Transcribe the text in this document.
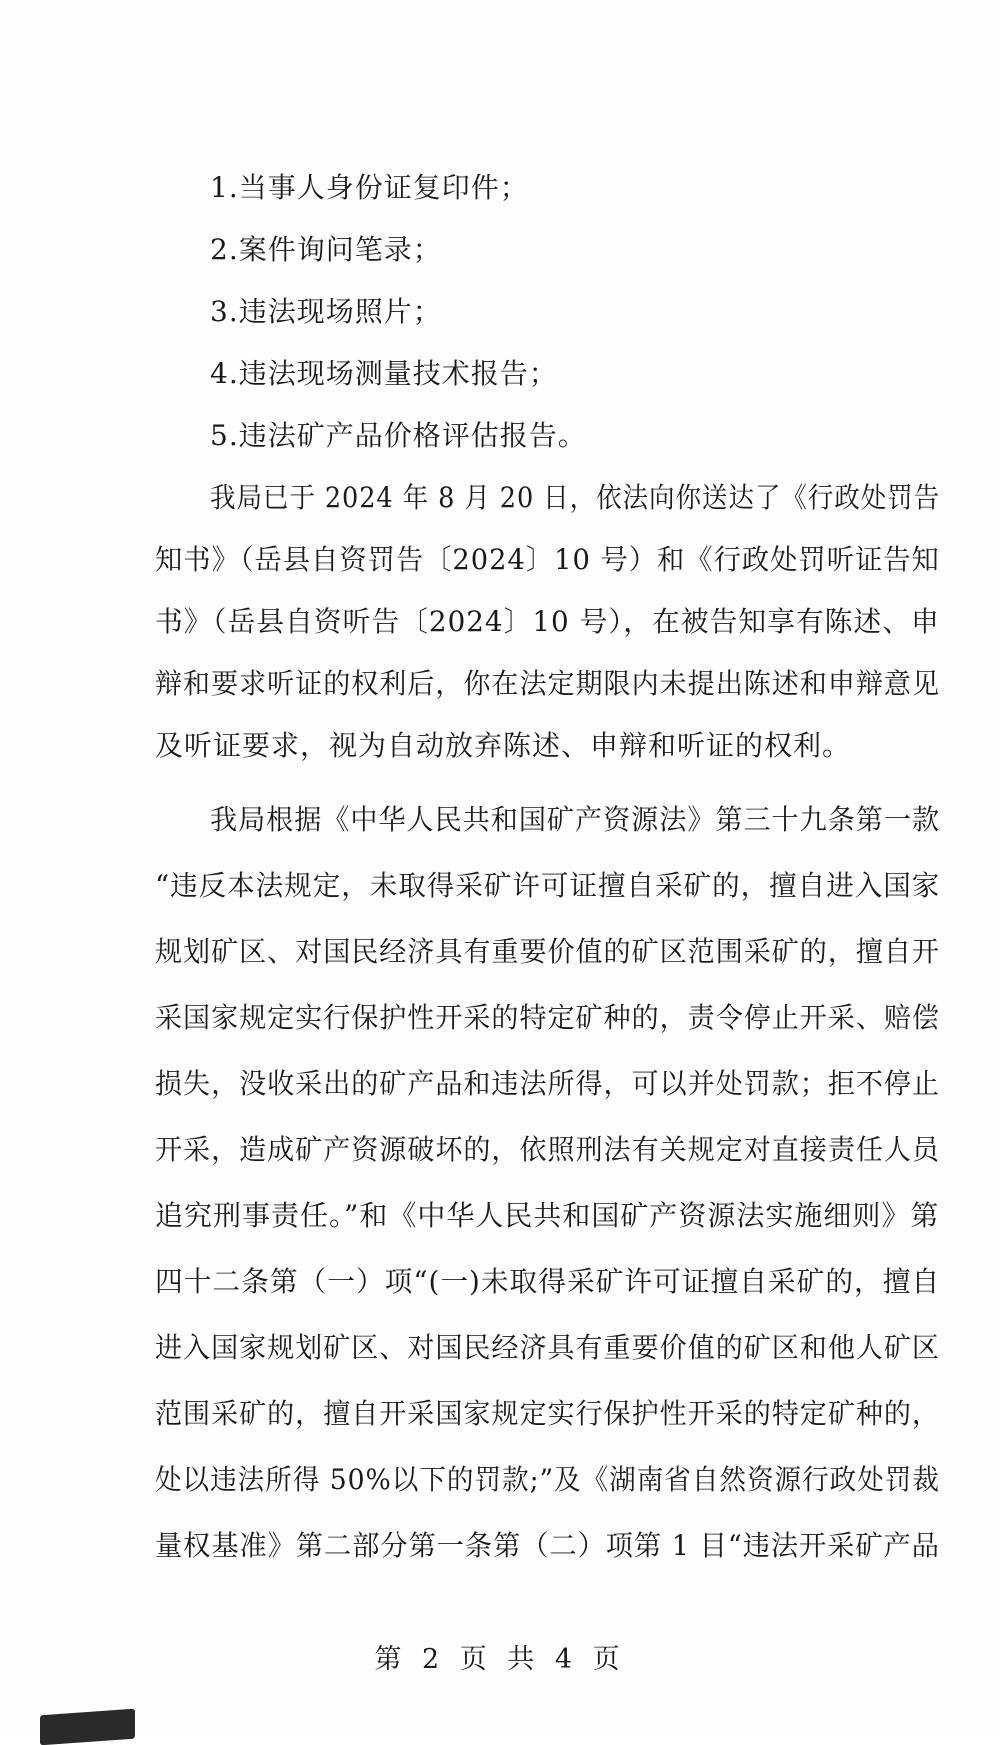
1.当事人身份证复印件；
2.案件询问笔录；
3.违法现场照片；
4.违法现场测量技术报告；
5.违法矿产品价格评估报告。
我局已于 2024 年 8 月 20 日，依法向你送达了《行政处罚告
知书》（岳县自资罚告〔2024〕10 号）和《行政处罚听证告知
书》（岳县自资听告〔2024〕10 号），在被告知享有陈述、申
辩和要求听证的权利后，你在法定期限内未提出陈述和申辩意见
及听证要求，视为自动放弃陈述、申辩和听证的权利。
我局根据《中华人民共和国矿产资源法》第三十九条第一款
“违反本法规定，未取得采矿许可证擅自采矿的，擅自进入国家
规划矿区、对国民经济具有重要价值的矿区范围采矿的，擅自开
采国家规定实行保护性开采的特定矿种的，责令停止开采、赔偿
损失，没收采出的矿产品和违法所得，可以并处罚款；拒不停止
开采，造成矿产资源破坏的，依照刑法有关规定对直接责任人员
追究刑事责任。”和《中华人民共和国矿产资源法实施细则》第
四十二条第（一）项“(一)未取得采矿许可证擅自采矿的，擅自
进入国家规划矿区、对国民经济具有重要价值的矿区和他人矿区
范围采矿的，擅自开采国家规定实行保护性开采的特定矿种的，
处以违法所得 50%以下的罚款;”及《湖南省自然资源行政处罚裁
量权基准》第二部分第一条第（二）项第 1 目“违法开采矿产品
第 2 页 共 4 页
